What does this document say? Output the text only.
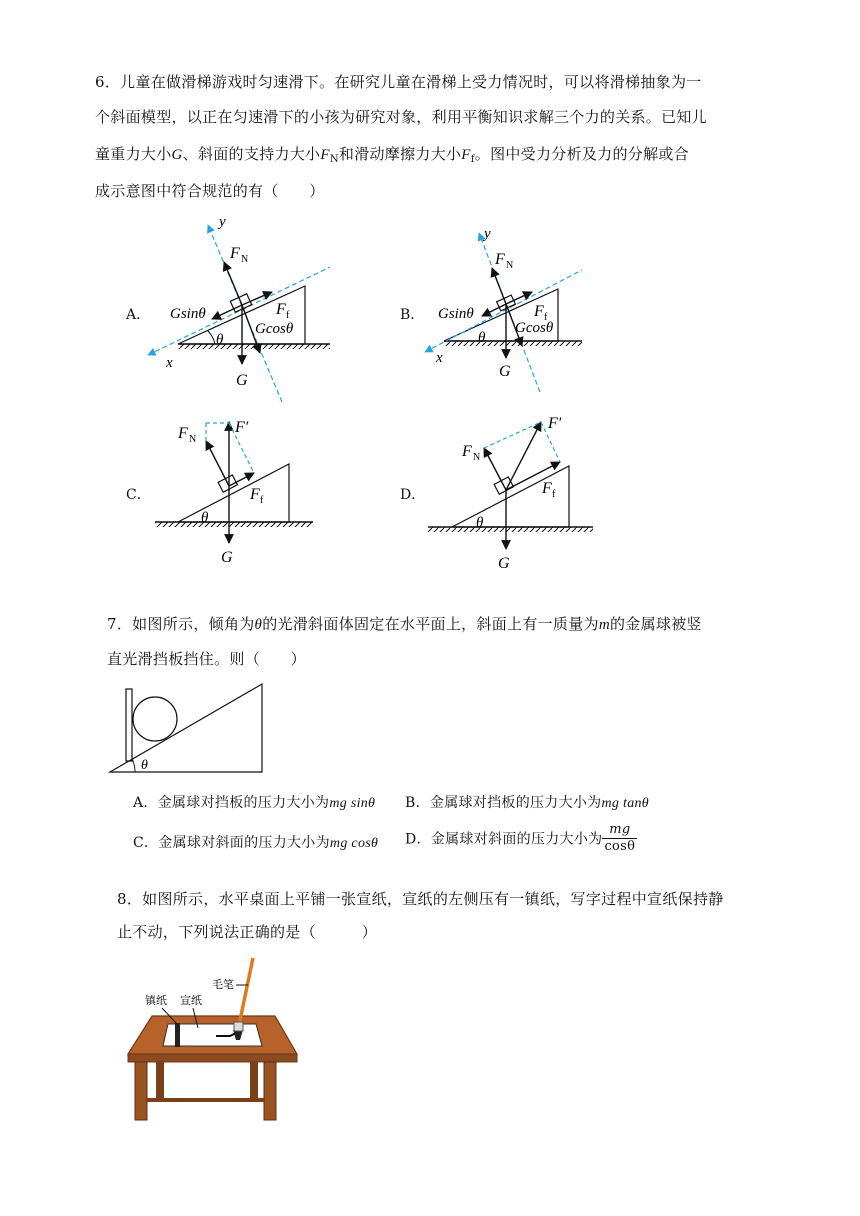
6．儿童在做滑梯游戏时匀速滑下。在研究儿童在滑梯上受力情况时，可以将滑梯抽象为一
个斜面模型，以正在匀速滑下的小孩为研究对象，利用平衡知识求解三个力的关系。已知儿
童重力大小G、斜面的支持力大小$F_N$和滑动摩擦力大小$F_f$。图中受力分析及力的分解或合
成示意图中符合规范的有（　　）
A．	B．
C．	D．
θ
y
x
F N
F f
Gsinθ
Gcosθ
G
θ
y
x
F N
F f
Gsinθ
Gcosθ
G
θ
F N
F′
F f
G
θ
F N
F′
F f
G
7．如图所示，倾角为θ的光滑斜面体固定在水平面上，斜面上有一质量为m的金属球被竖
直光滑挡板挡住。则（　　）
θ
A．金属球对挡板的压力大小为mg sinθ B．金属球对挡板的压力大小为mg tanθ
C．金属球对斜面的压力大小为mg cosθ D．金属球对斜面的压力大小为 $\frac{mg}{\cos\theta}$
8．如图所示，水平桌面上平铺一张宣纸，宣纸的左侧压有一镇纸，写字过程中宣纸保持静
止不动，下列说法正确的是（　　　）
毛笔
镇纸 宣纸
